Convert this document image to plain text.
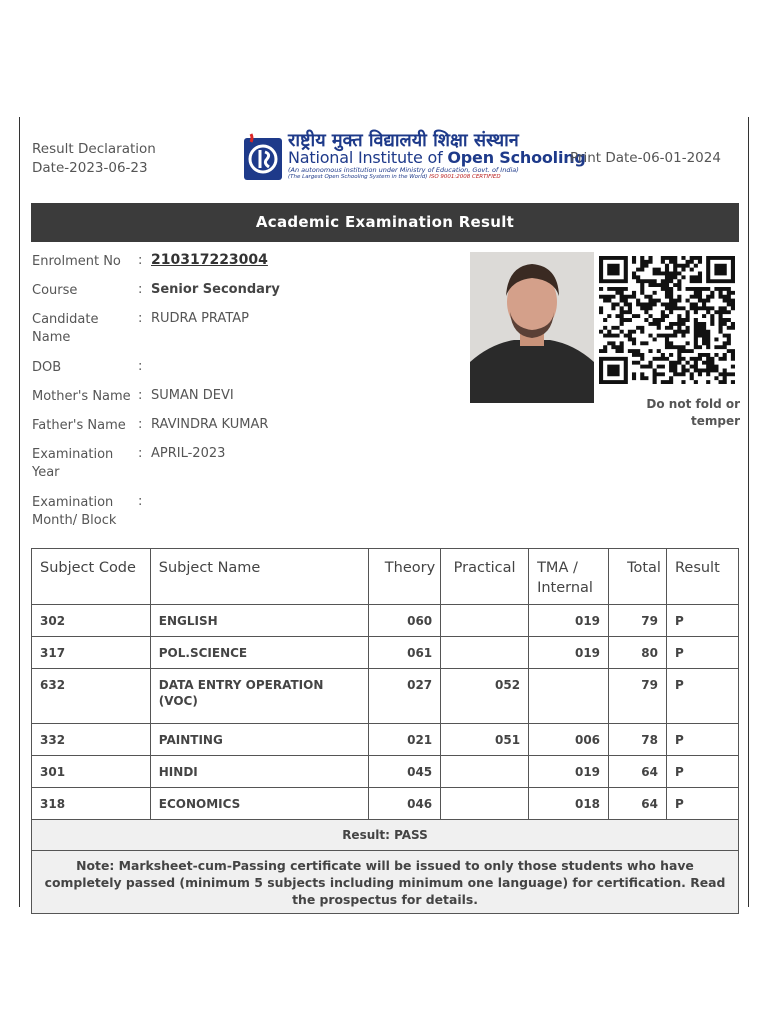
Result Declaration
Date-2023-06-23
राष्ट्रीय मुक्त विद्यालयी शिक्षा संस्थान
National Institute of Open Schooling
(An autonomous institution under Ministry of Education, Govt. of India)
(The Largest Open Schooling System in the World) ISO 9001:2008 CERTIFIED
Print Date-06-01-2024
Academic Examination Result
Enrolment No	: 210317223004
Course	: Senior Secondary
Candidate Name
: RUDRA PRATAP
DOB	:
Mother's Name : SUMAN DEVI
Father's Name : RAVINDRA KUMAR
Examination Year
: APRIL-2023
Examination Month/ Block
:
Do not fold or temper
Subject Code	Subject Name	Theory	Practical	TMA / Internal	Total	Result
302	ENGLISH	060		019	79	P
317	POL.SCIENCE	061		019	80	P
632	DATA ENTRY OPERATION (VOC)	027	052		79	P
332	PAINTING	021	051	006	78	P
301	HINDI	045		019	64	P
318	ECONOMICS	046		018	64	P
Result: PASS						
Note: Marksheet-cum-Passing certificate will be issued to only those students who have completely passed (minimum 5 subjects including minimum one language) for certification. Read the prospectus for details.						
